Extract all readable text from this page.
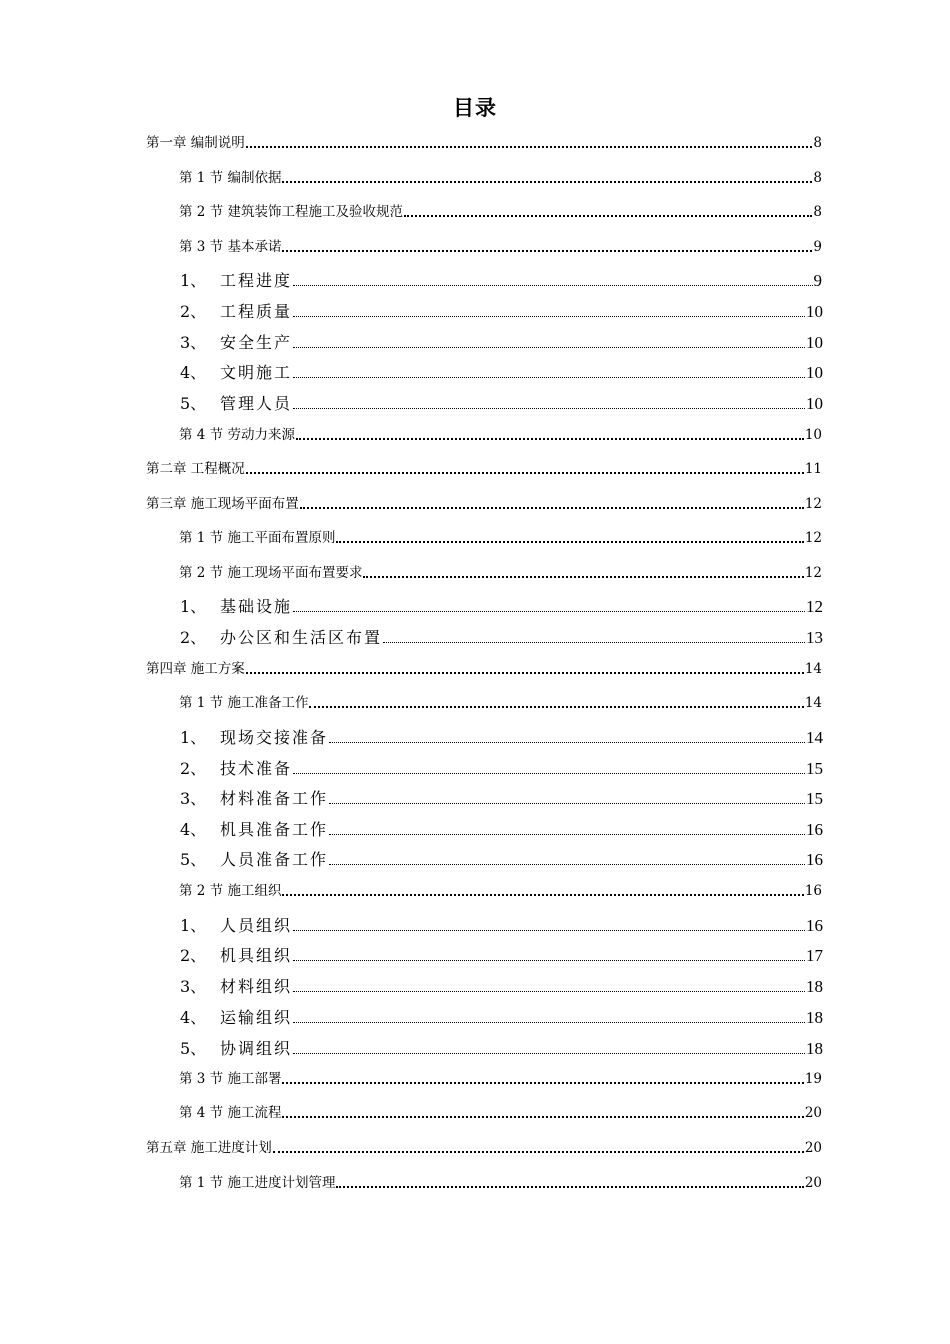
目录
第一章 编制说明	8
第 1 节 编制依据	8
第 2 节 建筑装饰工程施工及验收规范	8
第 3 节 基本承诺	9
1、 工程进度	9
2、 工程质量	10
3、 安全生产	10
4、 文明施工	10
5、 管理人员	10
第 4 节 劳动力来源	10
第二章 工程概况	11
第三章 施工现场平面布置	12
第 1 节 施工平面布置原则	12
第 2 节 施工现场平面布置要求	12
1、 基础设施	12
2、 办公区和生活区布置	13
第四章 施工方案	14
第 1 节 施工准备工作	14
1、 现场交接准备	14
2、 技术准备	15
3、 材料准备工作	15
4、 机具准备工作	16
5、 人员准备工作	16
第 2 节 施工组织	16
1、 人员组织	16
2、 机具组织	17
3、 材料组织	18
4、 运输组织	18
5、 协调组织	18
第 3 节 施工部署	19
第 4 节 施工流程	20
第五章 施工进度计划	20
第 1 节 施工进度计划管理	20
